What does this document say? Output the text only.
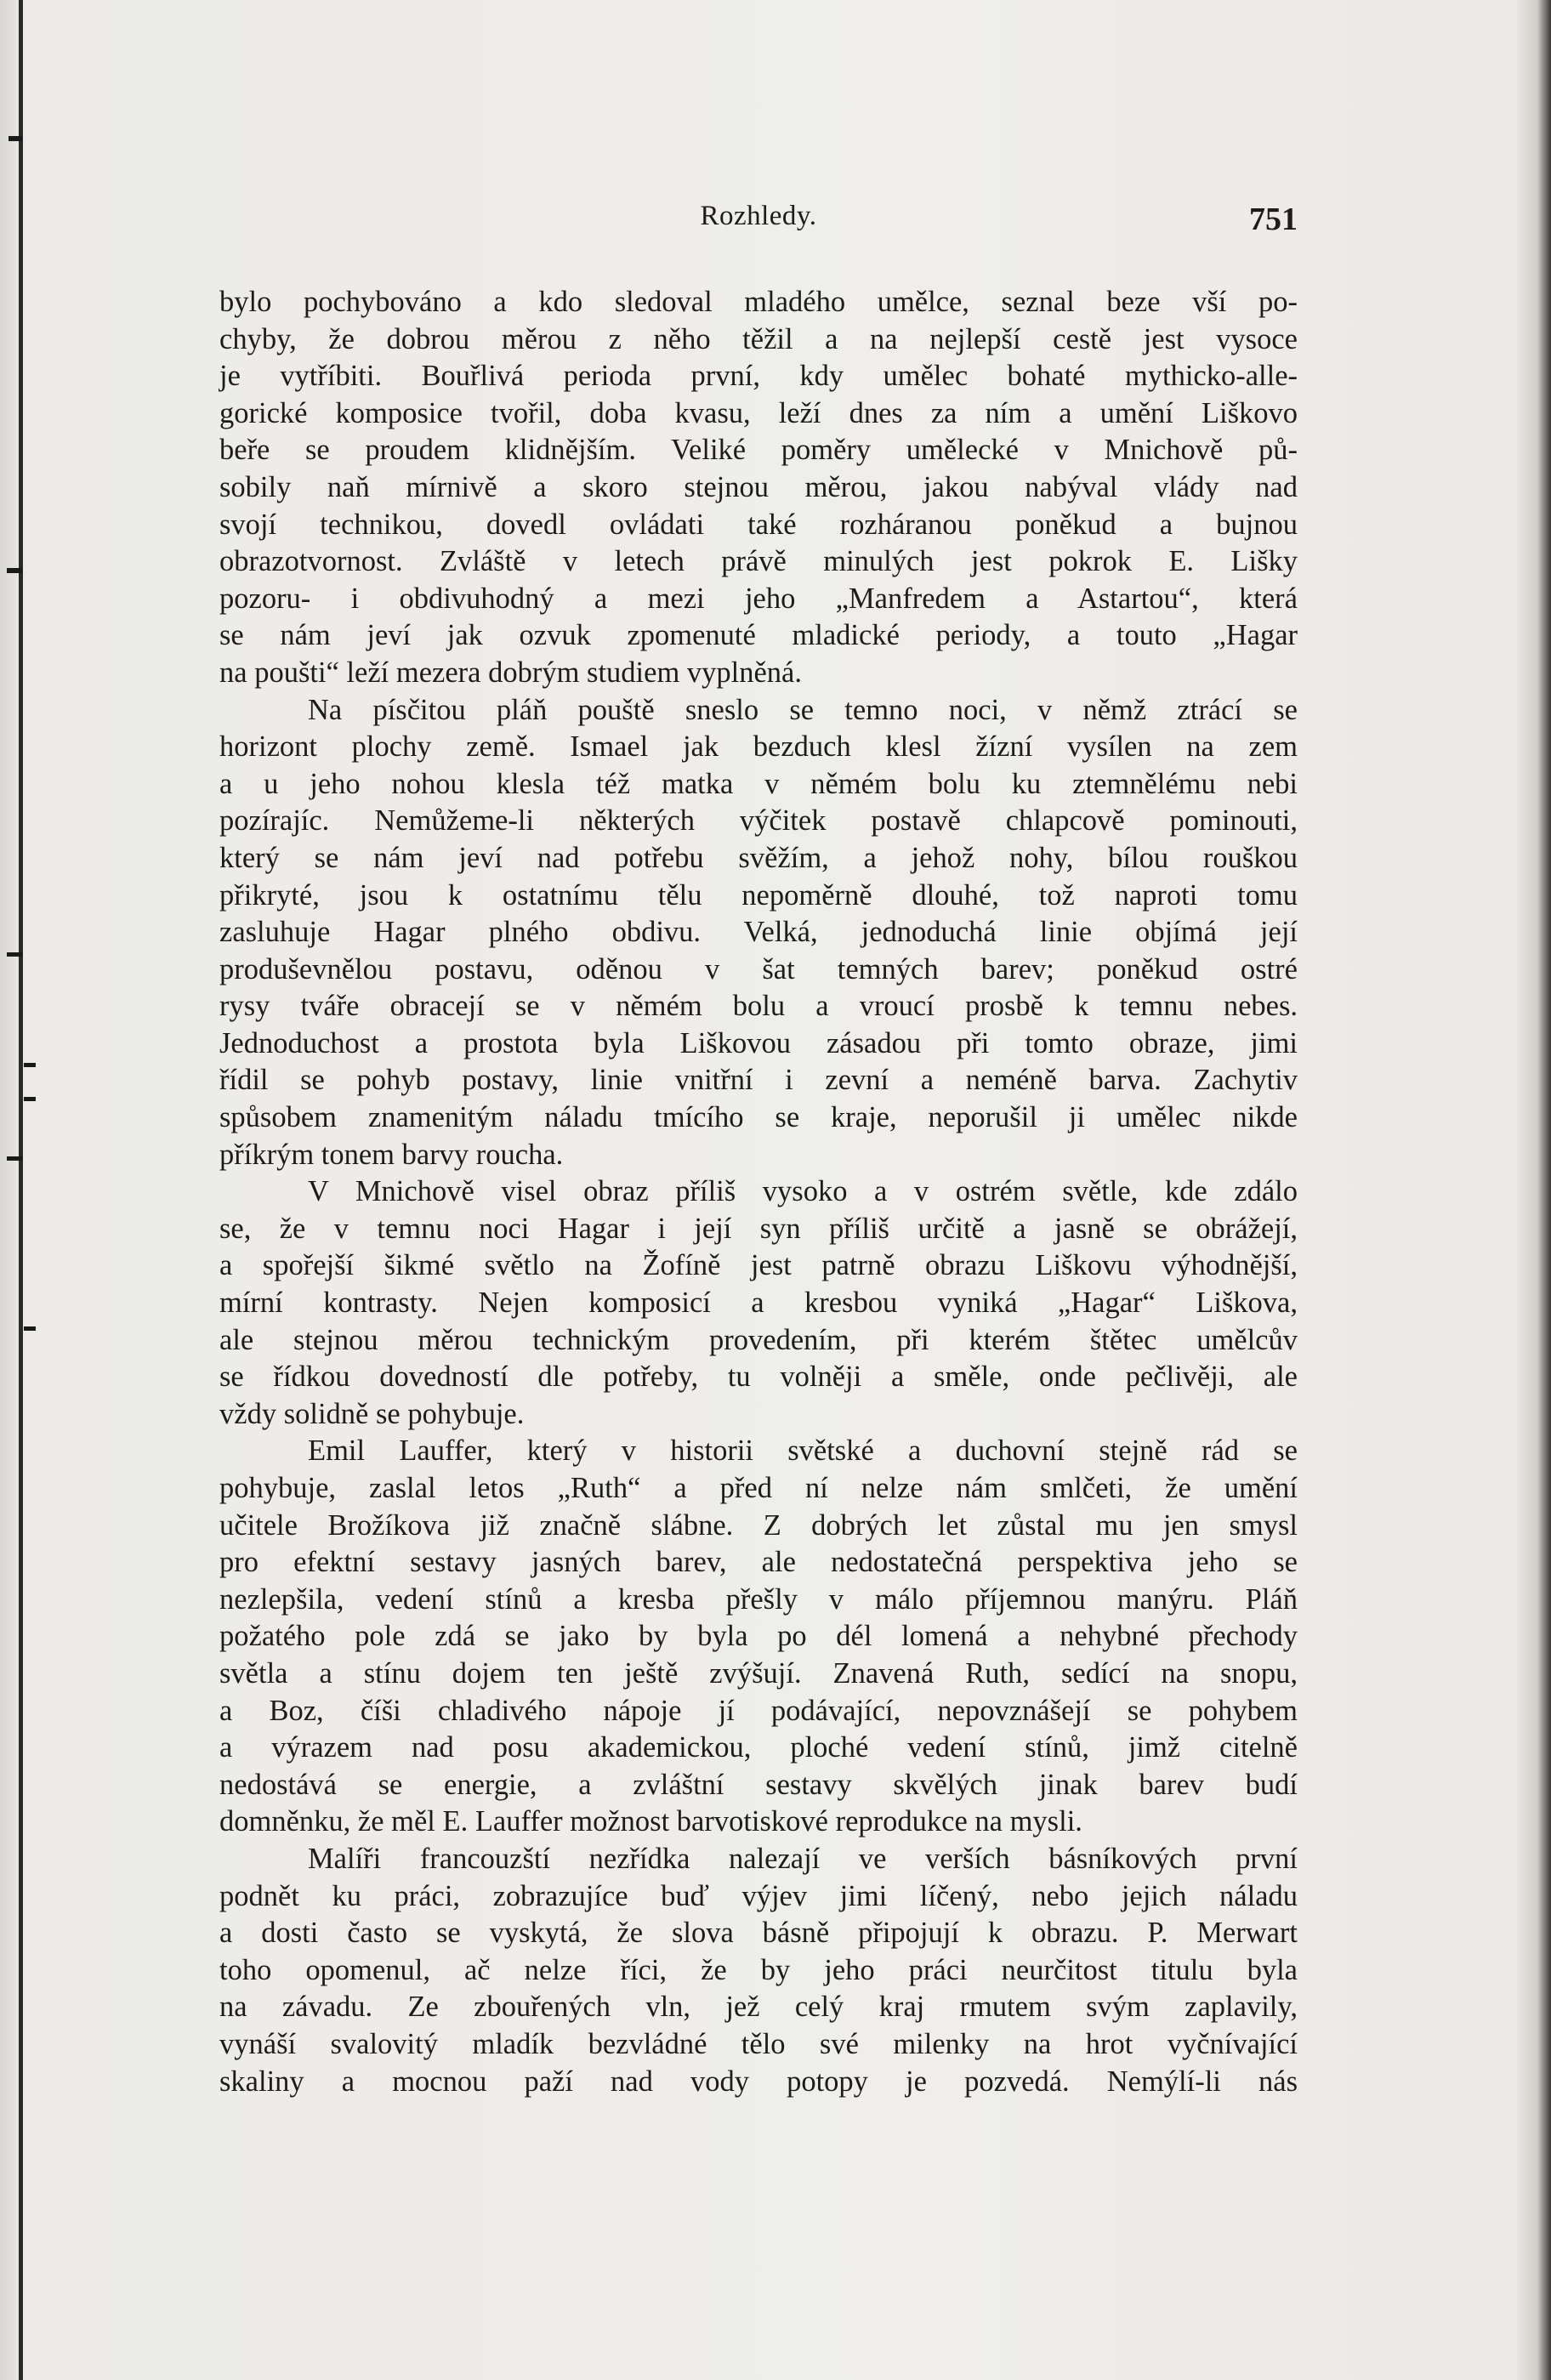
Rozhledy.	751
bylo pochybováno a kdo sledoval mladého umělce, seznal beze vší po-
chyby, že dobrou měrou z něho těžil a na nejlepší cestě jest vysoce
je vytříbiti. Bouřlivá perioda první, kdy umělec bohaté mythicko-alle-
gorické komposice tvořil, doba kvasu, leží dnes za ním a umění Liškovo
beře se proudem klidnějším. Veliké poměry umělecké v Mnichově pů-
sobily naň mírnivě a skoro stejnou měrou, jakou nabýval vlády nad
svojí technikou, dovedl ovládati také rozháranou poněkud a bujnou
obrazotvornost. Zvláště v letech právě minulých jest pokrok E. Lišky
pozoru- i obdivuhodný a mezi jeho „Manfredem a Astartou“, která
se nám jeví jak ozvuk zpomenuté mladické periody, a touto „Hagar
na poušti“ leží mezera dobrým studiem vyplněná.
Na písčitou pláň pouště sneslo se temno noci, v němž ztrácí se
horizont plochy země. Ismael jak bezduch klesl žízní vysílen na zem
a u jeho nohou klesla též matka v němém bolu ku ztemnělému nebi
pozírajíc. Nemůžeme-li některých výčitek postavě chlapcově pominouti,
který se nám jeví nad potřebu svěžím, a jehož nohy, bílou rouškou
přikryté, jsou k ostatnímu tělu nepoměrně dlouhé, tož naproti tomu
zasluhuje Hagar plného obdivu. Velká, jednoduchá linie objímá její
produševnělou postavu, oděnou v šat temných barev; poněkud ostré
rysy tváře obracejí se v němém bolu a vroucí prosbě k temnu nebes.
Jednoduchost a prostota byla Liškovou zásadou při tomto obraze, jimi
řídil se pohyb postavy, linie vnitřní i zevní a neméně barva. Zachytiv
spůsobem znamenitým náladu tmícího se kraje, neporušil ji umělec nikde
příkrým tonem barvy roucha.
V Mnichově visel obraz příliš vysoko a v ostrém světle, kde zdálo
se, že v temnu noci Hagar i její syn příliš určitě a jasně se obrážejí,
a spořejší šikmé světlo na Žofíně jest patrně obrazu Liškovu výhodnější,
mírní kontrasty. Nejen komposicí a kresbou vyniká „Hagar“ Liškova,
ale stejnou měrou technickým provedením, při kterém štětec umělcův
se řídkou dovedností dle potřeby, tu volněji a směle, onde pečlivěji, ale
vždy solidně se pohybuje.
Emil Lauffer, který v historii světské a duchovní stejně rád se
pohybuje, zaslal letos „Ruth“ a před ní nelze nám smlčeti, že umění
učitele Brožíkova již značně slábne. Z dobrých let zůstal mu jen smysl
pro efektní sestavy jasných barev, ale nedostatečná perspektiva jeho se
nezlepšila, vedení stínů a kresba přešly v málo příjemnou manýru. Pláň
požatého pole zdá se jako by byla po dél lomená a nehybné přechody
světla a stínu dojem ten ještě zvýšují. Znavená Ruth, sedící na snopu,
a Boz, číši chladivého nápoje jí podávající, nepovznášejí se pohybem
a výrazem nad posu akademickou, ploché vedení stínů, jimž citelně
nedostává se energie, a zvláštní sestavy skvělých jinak barev budí
domněnku, že měl E. Lauffer možnost barvotiskové reprodukce na mysli.
Malíři francouzští nezřídka nalezají ve verších básníkových první
podnět ku práci, zobrazujíce buď výjev jimi líčený, nebo jejich náladu
a dosti často se vyskytá, že slova básně připojují k obrazu. P. Merwart
toho opomenul, ač nelze říci, že by jeho práci neurčitost titulu byla
na závadu. Ze zbouřených vln, jež celý kraj rmutem svým zaplavily,
vynáší svalovitý mladík bezvládné tělo své milenky na hrot vyčnívající
skaliny a mocnou paží nad vody potopy je pozvedá. Nemýlí-li nás
